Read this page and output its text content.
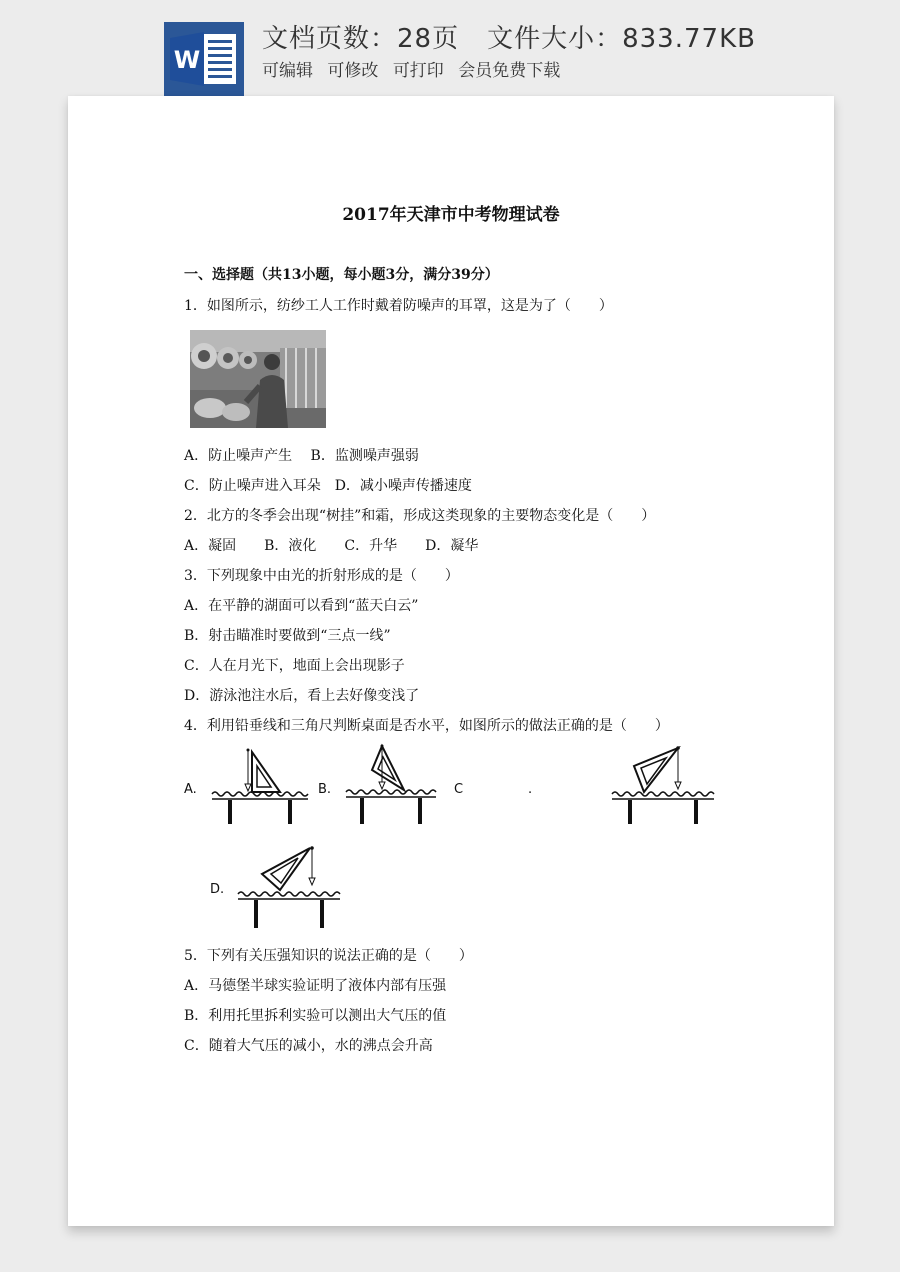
W
文档页数：28页 文件大小：833.77KB
可编辑 可修改 可打印 会员免费下载
2017年天津市中考物理试卷
一、选择题（共13小题，每小题3分，满分39分）
1．如图所示，纺纱工人工作时戴着防噪声的耳罩，这是为了（　　）
A．防止噪声产生　 B．监测噪声强弱
C．防止噪声进入耳朵　D．减小噪声传播速度
2．北方的冬季会出现“树挂”和霜，形成这类现象的主要物态变化是（　　）
A．凝固　　B．液化　　C．升华　　D．凝华
3．下列现象中由光的折射形成的是（　　）
A．在平静的湖面可以看到“蓝天白云”
B．射击瞄准时要做到“三点一线”
C．人在月光下，地面上会出现影子
D．游泳池注水后，看上去好像变浅了
4．利用铅垂线和三角尺判断桌面是否水平，如图所示的做法正确的是（　　）
A.	B.	C	.
D.
5．下列有关压强知识的说法正确的是（　　）
A．马德堡半球实验证明了液体内部有压强
B．利用托里拆利实验可以测出大气压的值
C．随着大气压的减小，水的沸点会升高
